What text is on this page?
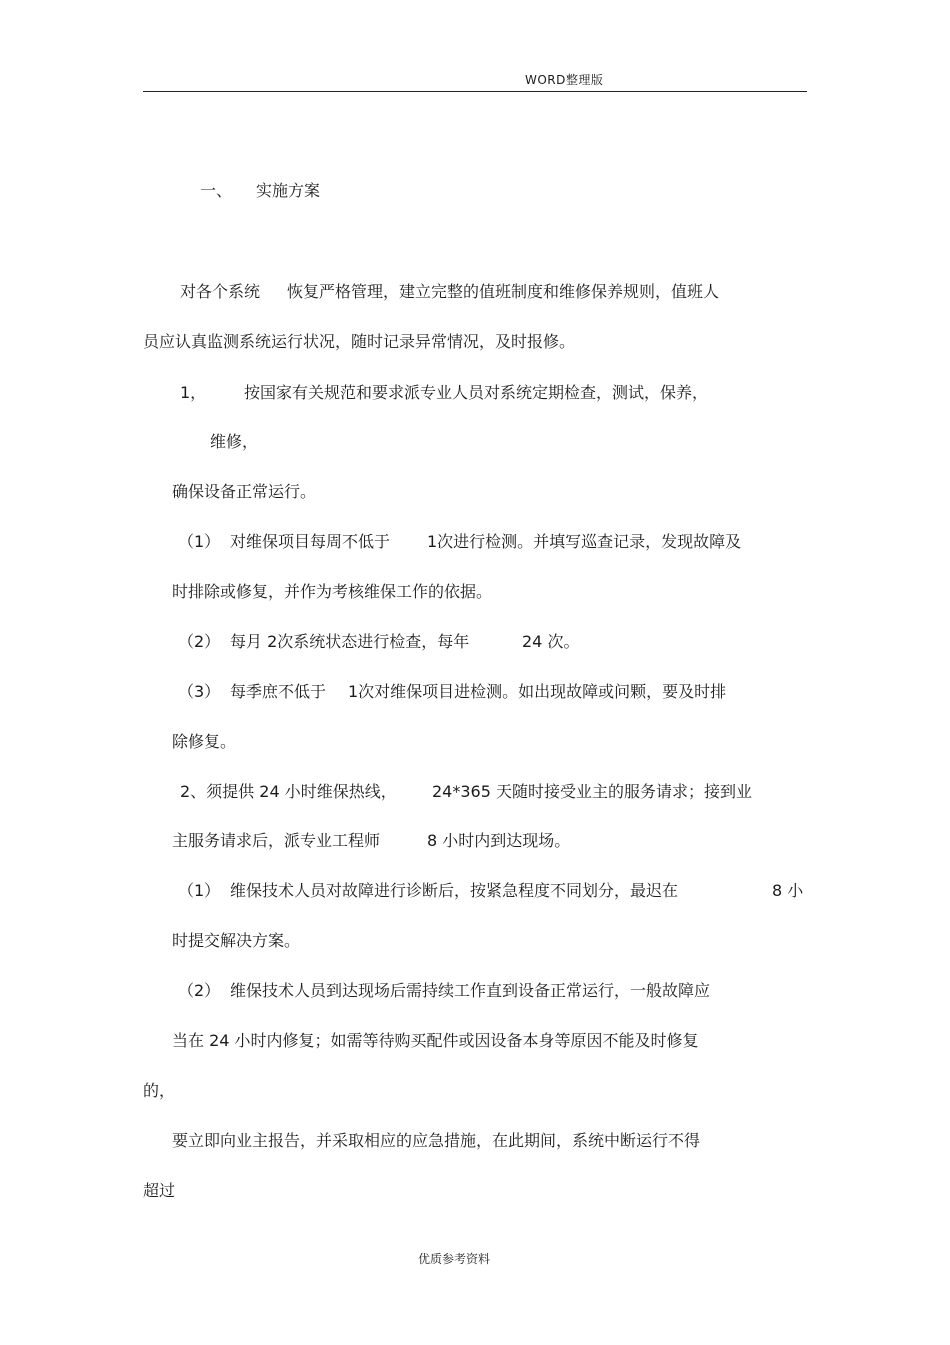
WORD整理版
一、 实施方案
对各个系统 恢复严格管理，建立完整的值班制度和维修保养规则，值班人
员应认真监测系统运行状况，随时记录异常情况，及时报修。
1， 按国家有关规范和要求派专业人员对系统定期检查，测试，保养，
维修，
确保设备正常运行。
（1） 对维保项目每周不低于 1次进行检测。并填写巡查记录，发现故障及
时排除或修复，并作为考核维保工作的依据。
（2） 每月 2次系统状态进行检查，每年	24 次。
（3） 每季庶不低于 1次对维保项目进检测。如出现故障或问颗，要及时排
除修复。
2、须提供 24 小时维保热线， 24*365 天随时接受业主的服务请求；接到业
主服务请求后，派专业工程师	8 小时内到达现场。
（1） 维保技术人员对故障进行诊断后，按紧急程度不同划分，最迟在	8 小
时提交解决方案。
（2） 维保技术人员到达现场后需持续工作直到设备正常运行，一般故障应
当在 24 小时内修复；如需等待购买配件或因设备本身等原因不能及时修复
的，
要立即向业主报告，并采取相应的应急措施，在此期间，系统中断运行不得
超过
优质参考资料
